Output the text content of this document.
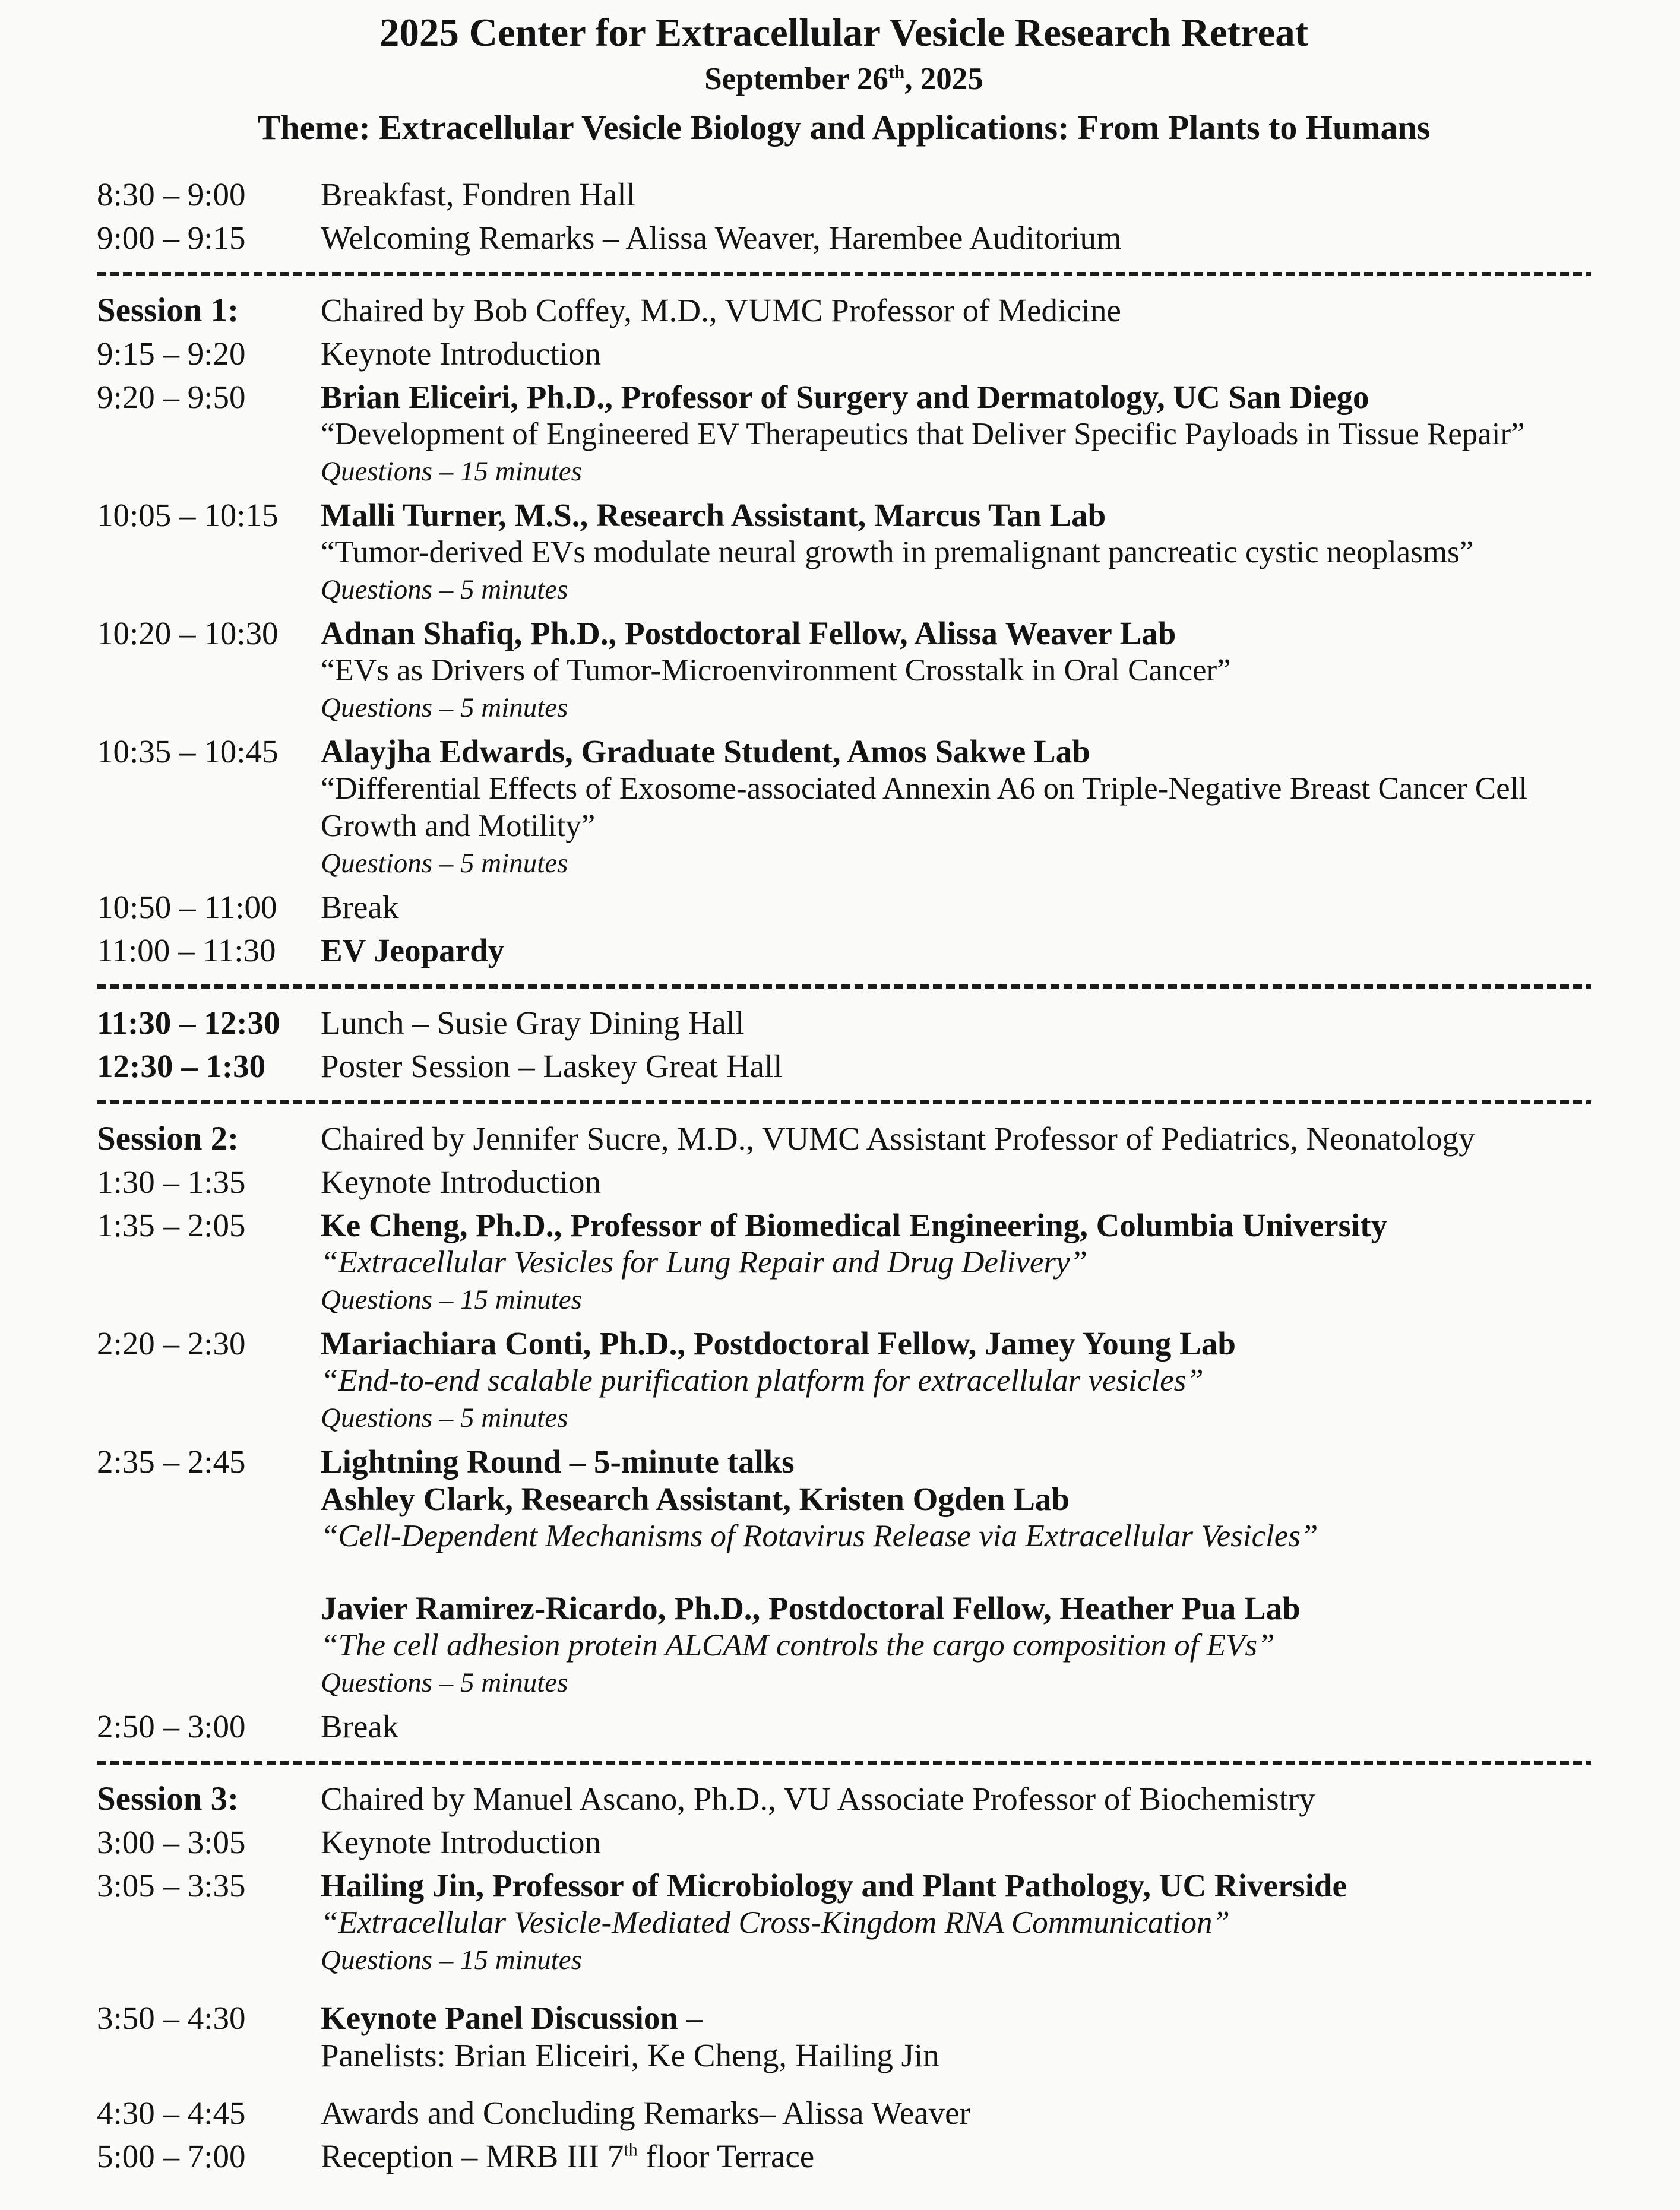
2025 Center for Extracellular Vesicle Research Retreat
September 26th, 2025
Theme: Extracellular Vesicle Biology and Applications: From Plants to Humans
8:30 – 9:00	Breakfast, Fondren Hall
9:00 – 9:15	Welcoming Remarks – Alissa Weaver, Harembee Auditorium
Session 1:	Chaired by Bob Coffey, M.D., VUMC Professor of Medicine
9:15 – 9:20	Keynote Introduction
9:20 – 9:50	Brian Eliceiri, Ph.D., Professor of Surgery and Dermatology, UC San Diego
“Development of Engineered EV Therapeutics that Deliver Specific Payloads in Tissue Repair”
Questions – 15 minutes
10:05 – 10:15	Malli Turner, M.S., Research Assistant, Marcus Tan Lab
“Tumor-derived EVs modulate neural growth in premalignant pancreatic cystic neoplasms”
Questions – 5 minutes
10:20 – 10:30	Adnan Shafiq, Ph.D., Postdoctoral Fellow, Alissa Weaver Lab
“EVs as Drivers of Tumor-Microenvironment Crosstalk in Oral Cancer”
Questions – 5 minutes
10:35 – 10:45	Alayjha Edwards, Graduate Student, Amos Sakwe Lab
“Differential Effects of Exosome-associated Annexin A6 on Triple-Negative Breast Cancer Cell Growth and Motility”
Questions – 5 minutes
10:50 – 11:00	Break
11:00 – 11:30	EV Jeopardy
11:30 – 12:30	Lunch – Susie Gray Dining Hall
12:30 – 1:30	Poster Session – Laskey Great Hall
Session 2:	Chaired by Jennifer Sucre, M.D., VUMC Assistant Professor of Pediatrics, Neonatology
1:30 – 1:35	Keynote Introduction
1:35 – 2:05	Ke Cheng, Ph.D., Professor of Biomedical Engineering, Columbia University
“Extracellular Vesicles for Lung Repair and Drug Delivery”
Questions – 15 minutes
2:20 – 2:30	Mariachiara Conti, Ph.D., Postdoctoral Fellow, Jamey Young Lab
“End-to-end scalable purification platform for extracellular vesicles”
Questions – 5 minutes
2:35 – 2:45	Lightning Round – 5-minute talks
Ashley Clark, Research Assistant, Kristen Ogden Lab
“Cell-Dependent Mechanisms of Rotavirus Release via Extracellular Vesicles”
Javier Ramirez-Ricardo, Ph.D., Postdoctoral Fellow, Heather Pua Lab
“The cell adhesion protein ALCAM controls the cargo composition of EVs”
Questions – 5 minutes
2:50 – 3:00	Break
Session 3:	Chaired by Manuel Ascano, Ph.D., VU Associate Professor of Biochemistry
3:00 – 3:05	Keynote Introduction
3:05 – 3:35	Hailing Jin, Professor of Microbiology and Plant Pathology, UC Riverside
“Extracellular Vesicle-Mediated Cross-Kingdom RNA Communication”
Questions – 15 minutes
3:50 – 4:30	Keynote Panel Discussion –
Panelists: Brian Eliceiri, Ke Cheng, Hailing Jin
4:30 – 4:45	Awards and Concluding Remarks– Alissa Weaver
5:00 – 7:00	Reception – MRB III 7th floor Terrace
